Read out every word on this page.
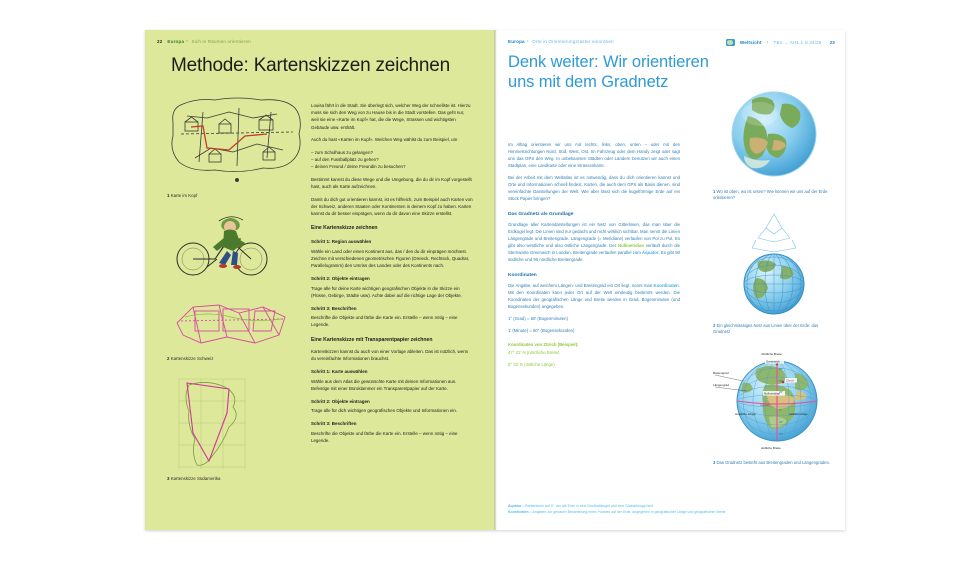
22 Europa * Sich in Räumen orientieren
Methode: Kartenskizzen zeichnen
1 Karte im Kopf
2 Kartenskizze Schweiz
3 Kartenskizze Südamerika

Louisa fährt in die Stadt. Sie überlegt sich, welcher Weg der schnellste ist. Hierzu muss sie sich den Weg von zu Hause bis in die Stadt vorstellen. Das geht nur, weil sie eine «Karte im Kopf» hat, die die Wege, Strassen und wichtigsten Gebäude usw. enthält.

Auch du hast «Karten im Kopf». Welchen Weg wählst du zum Beispiel, um

– zum Schulhaus zu gelangen?
– auf den Fussballplatz zu gehen?
– deinen Freund / deine Freundin zu besuchen?

Bestimmt kannst du diese Wege und die Umgebung, die du dir im Kopf vorgestellt hast, auch als Karte aufzeichnen.

Damit du dich gut orientieren kannst, ist es hilfreich, zum Beispiel auch Karten von der Schweiz, anderen Staaten oder Kontinenten in deinem Kopf zu haben. Karten kannst du dir besser einprägen, wenn du dir davon eine Skizze erstellst.

Eine Kartenskizze zeichnen
Schritt 1: Region auswählen

Wähle ein Land oder einen Kontinent aus, das / den du dir einprägen möchtest. Zeichne mit verschiedenen geometrischen Figuren (Dreieck, Rechteck, Quadrat, Parallelogramm) den Umriss des Landes oder des Kontinents nach.

Schritt 2: Objekte eintragen

Trage alle für deine Karte wichtigen geografischen Objekte in die Skizze ein (Flüsse, Gebirge, Städte usw). Achte dabei auf die richtige Lage der Objekte.

Schritt 3: Beschriften

Beschrifte die Objekte und färbe die Karte ein. Erstelle – wenn nötig – eine Legende.

Eine Kartenskizze mit Transparentpapier zeichnen

Kartenskizzen kannst du auch von einer Vorlage ableiten. Das ist nützlich, wenn du vereinfachte Informationen brauchst.

Schritt 1: Karte auswählen

Wähle aus dem Atlas die gewünschte Karte mit deinen Informationen aus. Befestige mit einer Büroklammer ein Transparentpapier auf der Karte.

Schritt 2: Objekte eintragen

Trage alle für dich wichtigen geografischen Objekte und Informationen ein.

Schritt 3: Beschriften

Beschrifte die Objekte und färbe die Karte ein. Erstelle – wenn nötig – eine Legende.

Europa * Orte in Orientierungsraster einordnen	Weltsicht * TB1 → AH1.1 S.24/25 23
Denk weiter: Wir orientieren uns mit dem Gradnetz

Im Alltag orientieren wir uns mit rechts, links, oben, unten – oder mit den Himmelsrichtungen Nord, Süd, West, Ost. Im Fahrzeug oder dem Handy zeigt oder sagt uns das GPS den Weg. In unbekannten Städten oder Ländern benutzen wir auch einen Stadtplan, eine Landkarte oder eine Strassenkarte.

Bei der Arbeit mit dem Weltatlas ist es notwendig, dass du dich orientieren kannst und Orte und Informationen schnell findest. Karten, die auch dem GPS als Basis dienen, sind vereinfachte Darstellungen der Welt. Wie aber lässt sich die kugelförmige Erde auf ein Stück Papier bringen?

Das Gradnetz als Grundlage

Grundlage aller Kartendarstellungen ist ein Netz von Gitterlinien, das man über die Erdkugel legt. Die Linien sind nur gedacht und nicht wirklich sichtbar. Man nennt die Linien Längengrade und Breitengrade. Längengrade (= Meridiane) verlaufen von Pol zu Pol. Es gibt also westliche und also östliche Längengrade. Der Nullmeridian verläuft durch die Sternwarte Greenwich in London. Breitengrade verlaufen parallel zum Äquator. Es gibt 90 südliche und 90 nördliche Breitengrade.

Koordinaten

Die Angabe, auf welchem Längen- und Breitengrad ein Ort liegt, nennt man Koordinaten. Mit den Koordinaten kann jeder Ort auf der Welt eindeutig bestimmt werden. Die Koordinaten der geografischen Länge und Breite werden in Grad, Bogenminuten (und Bogensekunden) angegeben.

1° (Grad) = 60′ (Bogenminuten)

1′ (Minute) = 60″ (Bogensekunden)

Koordinaten von Zürich (Beispiel):

47° 22′ N (nördliche Breite)

8° 32′ E (östliche Länge)

Äquator = Breitenkreis auf 0°, der die Erde in eine Nordhalbkugel und eine Südhalbkugel teilt
Koordinaten = Angaben zur genauen Bestimmung eines Punktes auf der Erde, angegeben in geografischer Länge und geografischer Breite
1 Wo ist oben, wo ist unten? Wie können wir uns auf der Erde orientieren?
2 Ein gleichmässiges Netz aus Linien über der Erde: das Gradnetz
nördliche Breite
südliche Breite
Breitengrad
Längengrad
Greenwich
Zürich
Nullmeridian
Äquator
westliche Länge	östliche Länge
60°
40°
20°
0°
20°
40°
3 Das Gradnetz besteht aus Breitengraden und Längengraden.
